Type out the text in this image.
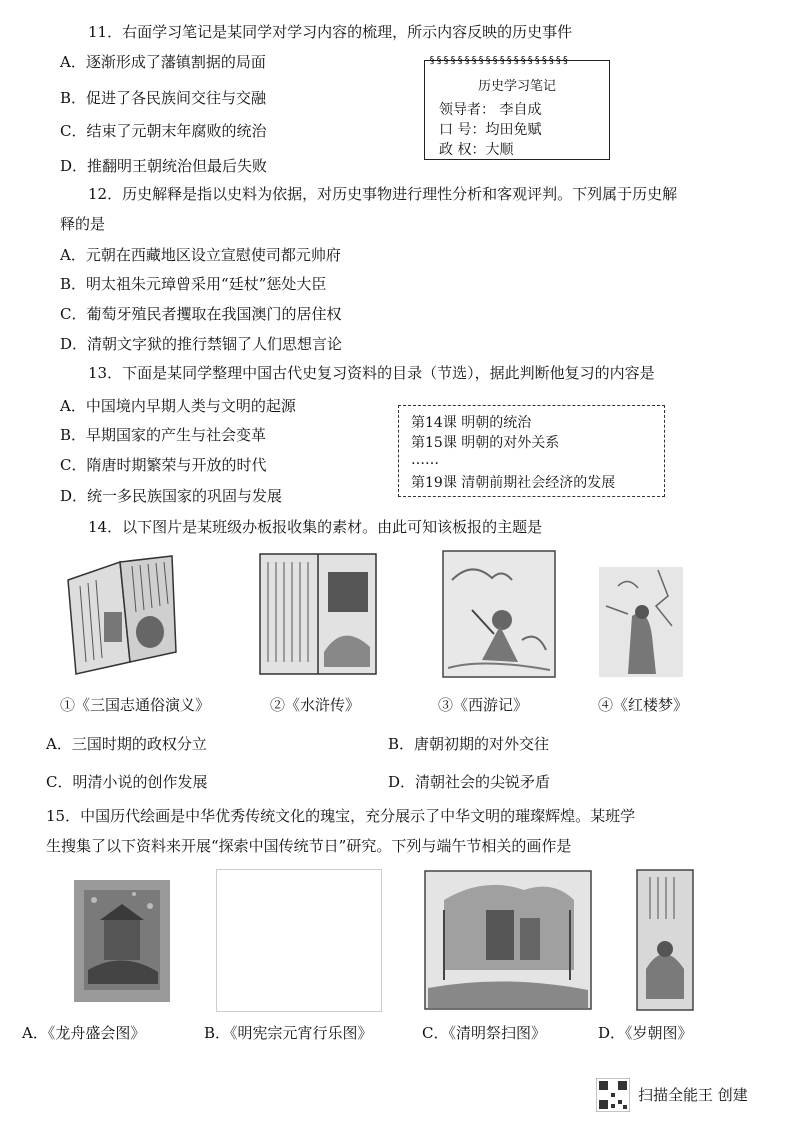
11．右面学习笔记是某同学对学习内容的梳理，所示内容反映的历史事件
A．逐渐形成了藩镇割据的局面
B．促进了各民族间交往与交融
C．结束了元朝末年腐败的统治
D．推翻明王朝统治但最后失败
§§§§§§§§§§§§§§§§§§§§
历史学习笔记
领导者： 李自成
口 号：均田免赋
政 权：大顺
12．历史解释是指以史料为依据，对历史事物进行理性分析和客观评判。下列属于历史解
释的是
A．元朝在西藏地区设立宣慰使司都元帅府
B．明太祖朱元璋曾采用“廷杖”惩处大臣
C．葡萄牙殖民者攫取在我国澳门的居住权
D．清朝文字狱的推行禁锢了人们思想言论
13．下面是某同学整理中国古代史复习资料的目录（节选），据此判断他复习的内容是
A．中国境内早期人类与文明的起源
B．早期国家的产生与社会变革
C．隋唐时期繁荣与开放的时代
D．统一多民族国家的巩固与发展
第14课 明朝的统治
第15课 明朝的对外关系
……
第19课 清朝前期社会经济的发展
14．以下图片是某班级办板报收集的素材。由此可知该板报的主题是
①《三国志通俗演义》	②《水浒传》	③《西游记》	④《红楼梦》
A．三国时期的政权分立	B．唐朝初期的对外交往
C．明清小说的创作发展	D．清朝社会的尖锐矛盾
15．中国历代绘画是中华优秀传统文化的瑰宝，充分展示了中华文明的璀璨辉煌。某班学
生搜集了以下资料来开展“探索中国传统节日”研究。下列与端午节相关的画作是
A．《龙舟盛会图》	B．《明宪宗元宵行乐图》	C．《清明祭扫图》	D．《岁朝图》
扫描全能王 创建
